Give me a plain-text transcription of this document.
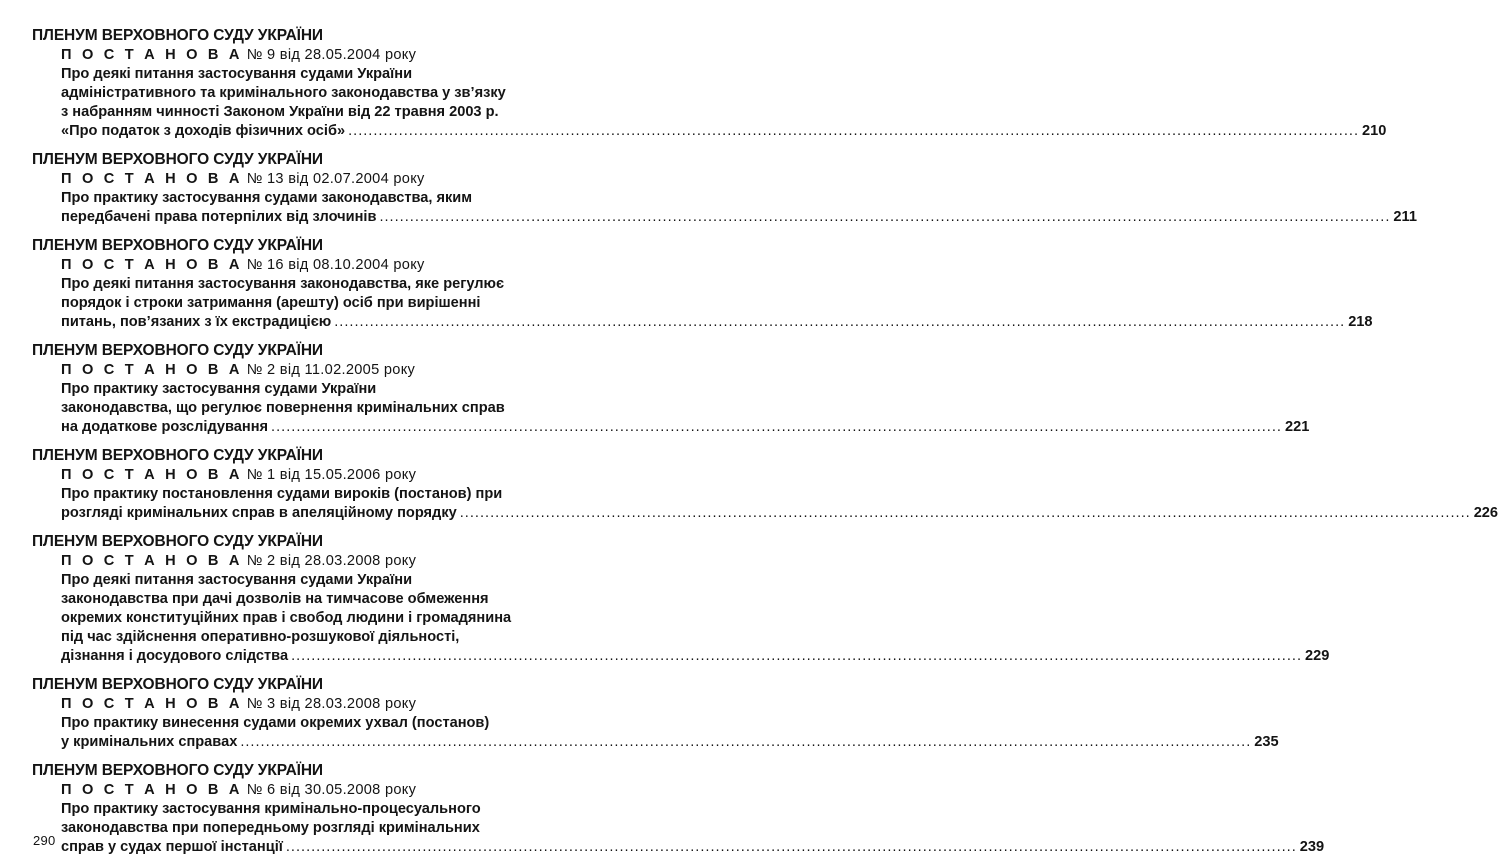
ПЛЕНУМ ВЕРХОВНОГО СУДУ УКРАЇНИ
П О С Т А Н О В А № 9 від 28.05.2004 року
Про деякі питання застосування судами України
адміністративного та кримінального законодавства у зв’язку
з набранням чинності Законом України від 22 травня 2003 р.
«Про податок з доходів фізичних осіб» ........................................................................................................................................................................................................ 210
ПЛЕНУМ ВЕРХОВНОГО СУДУ УКРАЇНИ
П О С Т А Н О В А № 13 від 02.07.2004 року
Про практику застосування судами законодавства, яким
передбачені права потерпілих від злочинів ........................................................................................................................................................................................................ 211
ПЛЕНУМ ВЕРХОВНОГО СУДУ УКРАЇНИ
П О С Т А Н О В А № 16 від 08.10.2004 року
Про деякі питання застосування законодавства, яке регулює
порядок і строки затримання (арешту) осіб при вирішенні
питань, пов’язаних з їх екстрадицією ........................................................................................................................................................................................................ 218
ПЛЕНУМ ВЕРХОВНОГО СУДУ УКРАЇНИ
П О С Т А Н О В А № 2 від 11.02.2005 року
Про практику застосування судами України
законодавства, що регулює повернення кримінальних справ
на додаткове розслідування ........................................................................................................................................................................................................ 221
ПЛЕНУМ ВЕРХОВНОГО СУДУ УКРАЇНИ
П О С Т А Н О В А № 1 від 15.05.2006 року
Про практику постановлення судами вироків (постанов) при
розгляді кримінальних справ в апеляційному порядку ........................................................................................................................................................................................................ 226
ПЛЕНУМ ВЕРХОВНОГО СУДУ УКРАЇНИ
П О С Т А Н О В А № 2 від 28.03.2008 року
Про деякі питання застосування судами України
законодавства при дачі дозволів на тимчасове обмеження
окремих конституційних прав і свобод людини і громадянина
під час здійснення оперативно-розшукової діяльності,
дізнання і досудового слідства ........................................................................................................................................................................................................ 229
ПЛЕНУМ ВЕРХОВНОГО СУДУ УКРАЇНИ
П О С Т А Н О В А № 3 від 28.03.2008 року
Про практику винесення судами окремих ухвал (постанов)
у кримінальних справах ........................................................................................................................................................................................................ 235
ПЛЕНУМ ВЕРХОВНОГО СУДУ УКРАЇНИ
П О С Т А Н О В А № 6 від 30.05.2008 року
Про практику застосування кримінально-процесуального
законодавства при попередньому розгляді кримінальних
справ у судах першої інстанції ........................................................................................................................................................................................................ 239
290
